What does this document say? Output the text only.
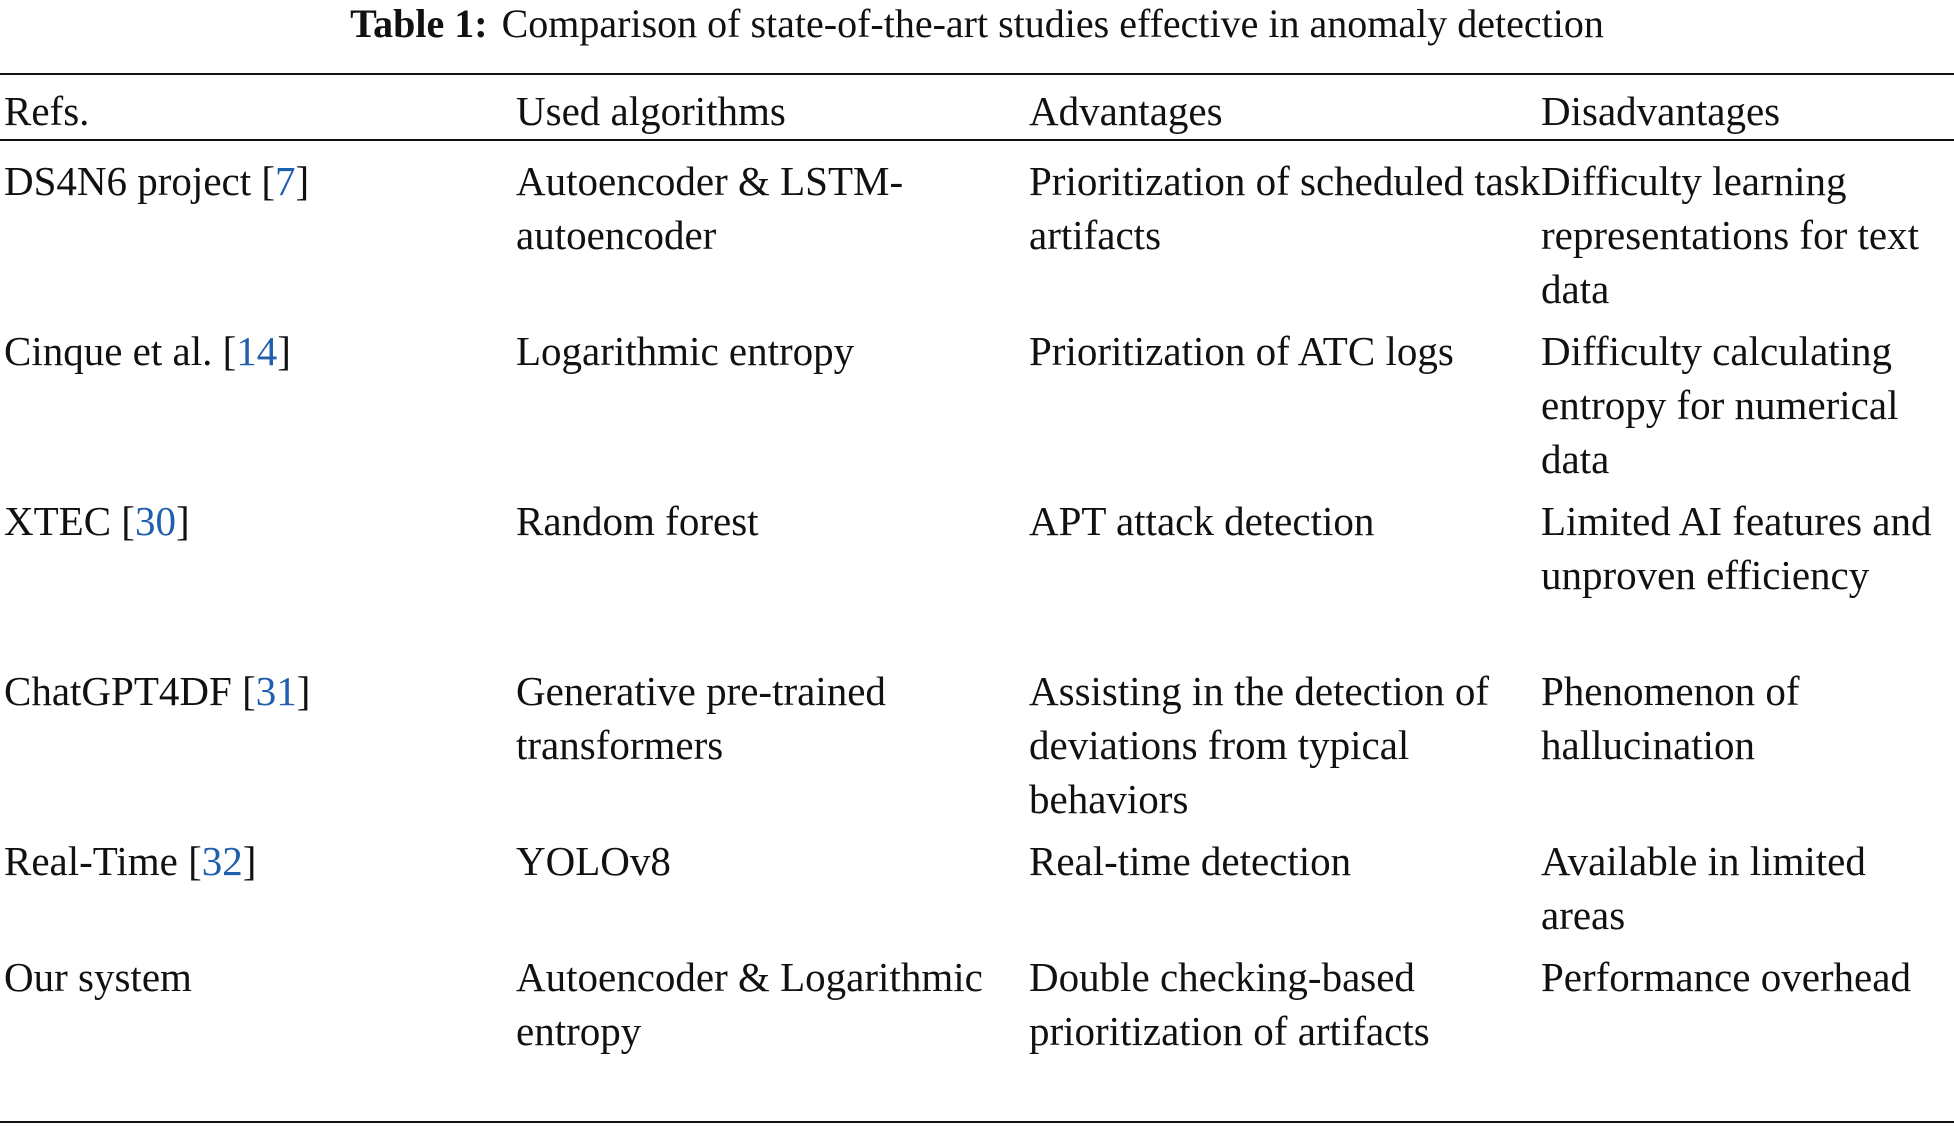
Table 1: Comparison of state-of-the-art studies effective in anomaly detection
Refs.	Used algorithms	Advantages	Disadvantages
DS4N6 project [7]	Autoencoder & LSTM-autoencoder	Prioritization of scheduled task artifacts	Difficulty learning representations for text data
Cinque et al. [14]	Logarithmic entropy	Prioritization of ATC logs	Difficulty calculating entropy for numerical data
XTEC [30]	Random forest	APT attack detection	Limited AI features and unproven efficiency
ChatGPT4DF [31]	Generative pre-trained transformers	Assisting in the detection of deviations from typical behaviors	Phenomenon of hallucination
Real-Time [32]	YOLOv8	Real-time detection	Available in limited areas
Our system	Autoencoder & Logarithmic entropy	Double checking-based prioritization of artifacts	Performance overhead
